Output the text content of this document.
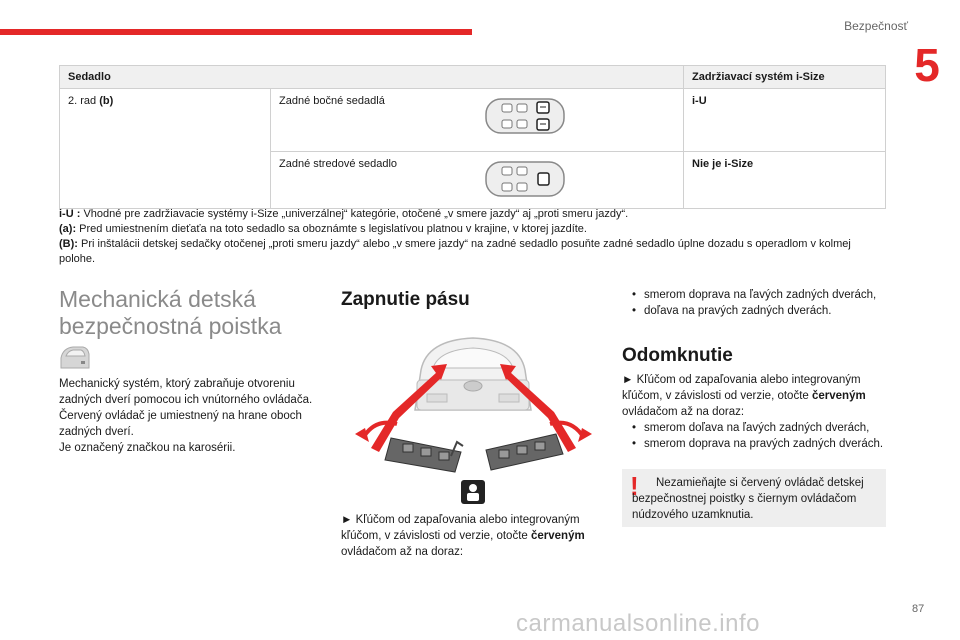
Bezpečnosť
5
Sedadlo		Zadržiavací systém i-Size
2. rad (b)	Zadné bočné sedadlá	i-U
	Zadné stredové sedadlo	Nie je i-Size
i-U : Vhodné pre zadržiavacie systémy i-Size „univerzálnej“ kategórie, otočené „v smere jazdy“ aj „proti smeru jazdy“.
(a): Pred umiestnením dieťaťa na toto sedadlo sa oboznámte s legislatívou platnou v krajine, v ktorej jazdíte.
(B): Pri inštalácii detskej sedačky otočenej „proti smeru jazdy“ alebo „v smere jazdy“ na zadné sedadlo posuňte zadné sedadlo úplne dozadu s operadlom v kolmej polohe.
Mechanická detská bezpečnostná poistka
Mechanický systém, ktorý zabraňuje otvoreniu zadných dverí pomocou ich vnútorného ovládača.
Červený ovládač je umiestnený na hrane oboch zadných dverí.
Je označený značkou na karosérii.
Zapnutie pásu
► Kľúčom od zapaľovania alebo integrovaným kľúčom, v závislosti od verzie, otočte červeným ovládačom až na doraz:
• smerom doprava na ľavých zadných dverách,
• doľava na pravých zadných dverách.
Odomknutie
► Kľúčom od zapaľovania alebo integrovaným kľúčom, v závislosti od verzie, otočte červeným ovládačom až na doraz:
• smerom doľava na ľavých zadných dverách,
• smerom doprava na pravých zadných dverách.
!	Nezamieňajte si červený ovládač detskej bezpečnostnej poistky s čiernym ovládačom núdzového uzamknutia.
carmanualsonline.info
87
